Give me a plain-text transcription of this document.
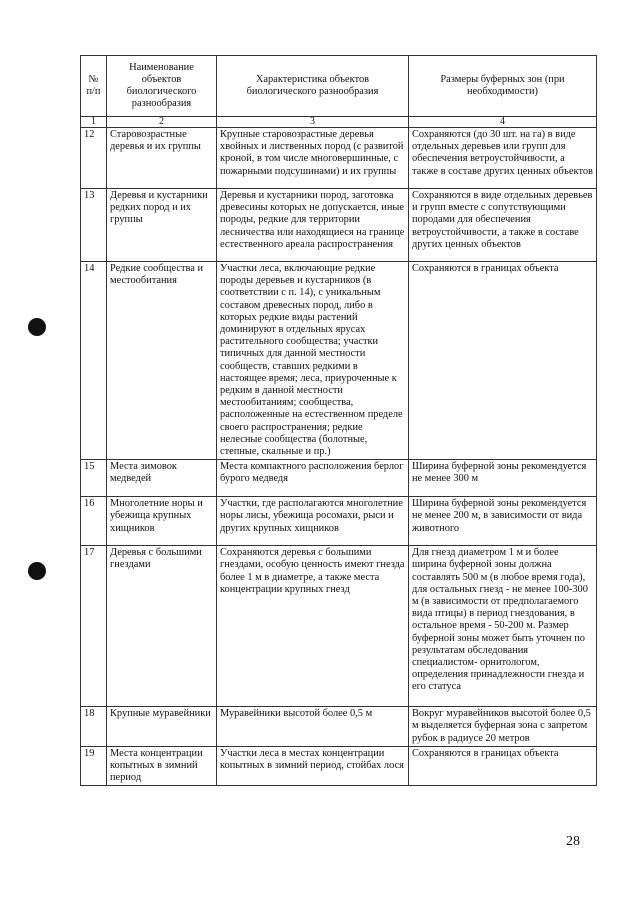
№ п/п	Наименование объектов биологического разнообразия	Характеристика объектов биологического разнообразия	Размеры буферных зон (при необходимости)
1	2	3	4
12	Старовозрастные деревья и их группы	Крупные старовозрастные деревья хвойных и лиственных пород (с развитой кроной, в том числе многовершинные, с пожарными подсушинами) и их группы	Сохраняются (до 30 шт. на га) в виде отдельных деревьев или групп для обеспечения ветроустойчивости, а также в составе других ценных объектов
13	Деревья и кустарники редких пород и их группы	Деревья и кустарники пород, заготовка древесины которых не допускается, иные породы, редкие для территории лесничества или находящиеся на границе естественного ареала распространения	Сохраняются в виде отдельных деревьев и групп вместе с сопутствующими породами для обеспечения ветроустойчивости, а также в составе других ценных объектов
14	Редкие сообщества и местообитания	Участки леса, включающие редкие породы деревьев и кустарников (в соответствии с п. 14), с уникальным составом древесных пород, либо в которых редкие виды растений доминируют в отдельных ярусах растительного сообщества; участки типичных для данной местности сообществ, ставших редкими в настоящее время; леса, приуроченные к редким в данной местности местообитаниям; сообщества, расположенные на естественном пределе своего распространения; редкие нелесные сообщества (болотные, степные, скальные и пр.)	Сохраняются в границах объекта
15	Места зимовок медведей	Места компактного расположения берлог бурого медведя	Ширина буферной зоны рекомендуется не менее 300 м
16	Многолетние норы и убежища крупных хищников	Участки, где располагаются многолетние норы лисы, убежища росомахи, рыси и других крупных хищников	Ширина буферной зоны рекомендуется не менее 200 м, в зависимости от вида животного
17	Деревья с большими гнездами	Сохраняются деревья с большими гнездами, особую ценность имеют гнезда более 1 м в диаметре, а также места концентрации крупных гнезд	Для гнезд диаметром 1 м и более ширина буферной зоны должна составлять 500 м (в любое время года), для остальных гнезд - не менее 100-300 м (в зависимости от предполагаемого вида птицы) в период гнездования, в остальное время - 50-200 м. Размер буферной зоны может быть уточнен по результатам обследования специалистом- орнитологом, определения принадлежности гнезда и его статуса
18	Крупные муравейники	Муравейники высотой более 0,5 м	Вокруг муравейников высотой более 0,5 м выделяется буферная зона с запретом рубок в радиусе 20 метров
19	Места концентрации копытных в зимний период	Участки леса в местах концентрации копытных в зимний период, стойбах лося	Сохраняются в границах объекта
28
